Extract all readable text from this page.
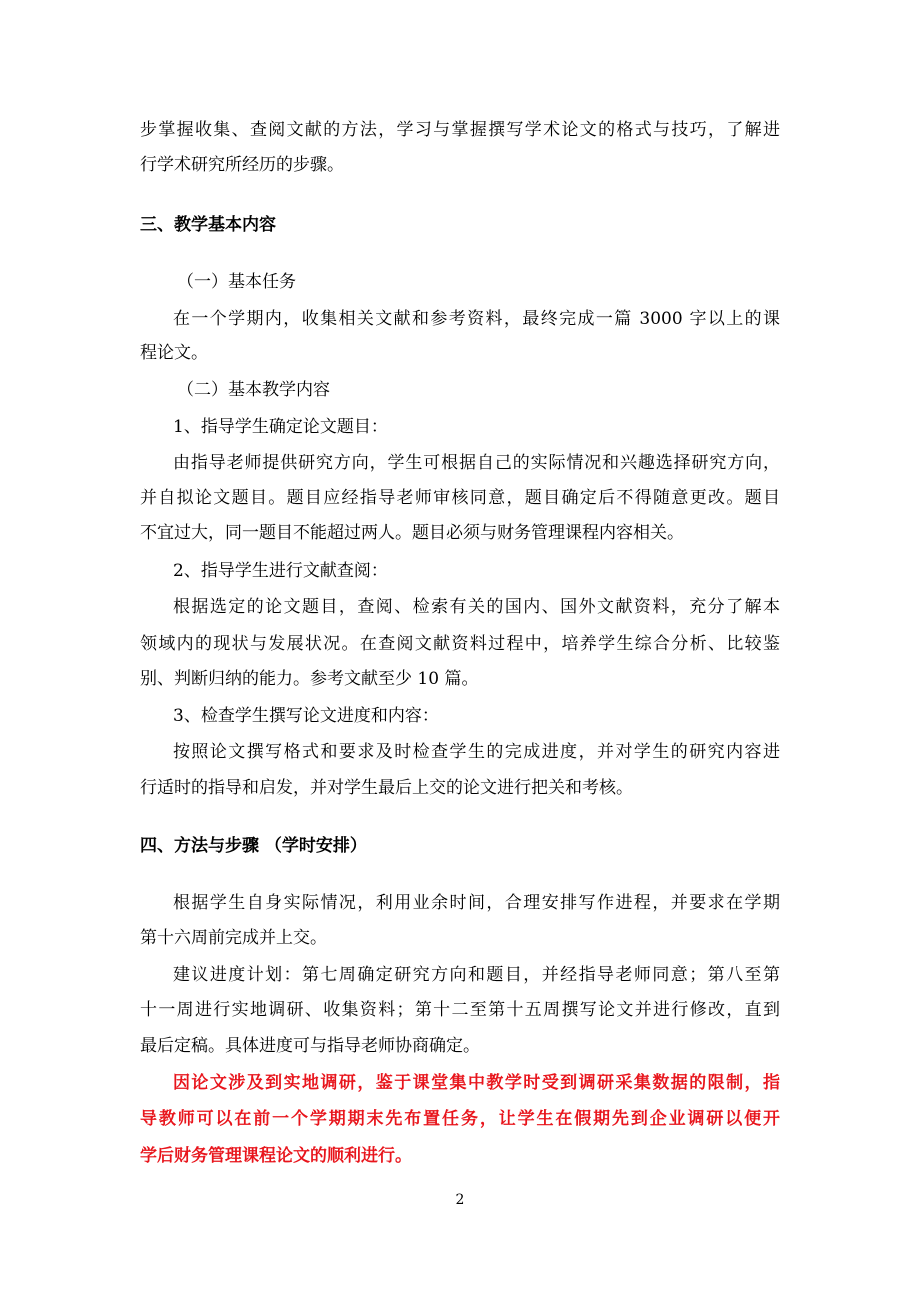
步掌握收集、查阅文献的方法，学习与掌握撰写学术论文的格式与技巧，了解进
行学术研究所经历的步骤。
三、教学基本内容
（一）基本任务
在一个学期内，收集相关文献和参考资料，最终完成一篇 3000 字以上的课
程论文。
（二）基本教学内容
1、指导学生确定论文题目：
由指导老师提供研究方向，学生可根据自己的实际情况和兴趣选择研究方向，
并自拟论文题目。题目应经指导老师审核同意，题目确定后不得随意更改。题目
不宜过大，同一题目不能超过两人。题目必须与财务管理课程内容相关。
2、指导学生进行文献查阅：
根据选定的论文题目，查阅、检索有关的国内、国外文献资料，充分了解本
领域内的现状与发展状况。在查阅文献资料过程中，培养学生综合分析、比较鉴
别、判断归纳的能力。参考文献至少 10 篇。
3、检查学生撰写论文进度和内容：
按照论文撰写格式和要求及时检查学生的完成进度，并对学生的研究内容进
行适时的指导和启发，并对学生最后上交的论文进行把关和考核。
四、方法与步骤 （学时安排）
根据学生自身实际情况，利用业余时间，合理安排写作进程，并要求在学期
第十六周前完成并上交。
建议进度计划：第七周确定研究方向和题目，并经指导老师同意；第八至第
十一周进行实地调研、收集资料；第十二至第十五周撰写论文并进行修改，直到
最后定稿。具体进度可与指导老师协商确定。
因论文涉及到实地调研，鉴于课堂集中教学时受到调研采集数据的限制，指
导教师可以在前一个学期期末先布置任务，让学生在假期先到企业调研以便开
学后财务管理课程论文的顺利进行。
2
